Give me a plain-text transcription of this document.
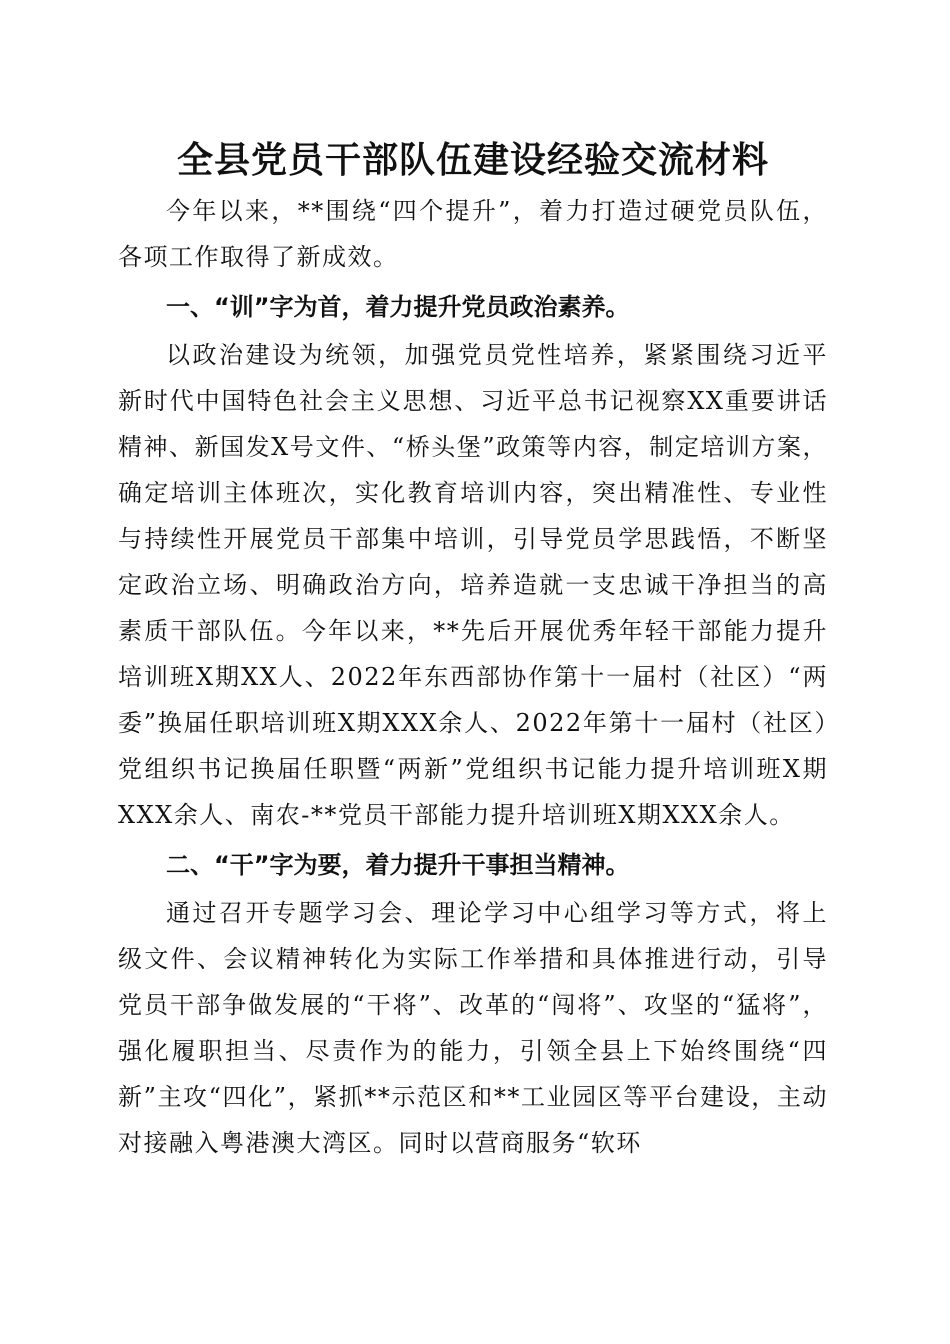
全县党员干部队伍建设经验交流材料

今年以来，**围绕“四个提升”，着力打造过硬党员队伍，各项工作取得了新成效。

一、“训”字为首，着力提升党员政治素养。

以政治建设为统领，加强党员党性培养，紧紧围绕习近平新时代中国特色社会主义思想、习近平总书记视察XX重要讲话精神、新国发X号文件、“桥头堡”政策等内容，制定培训方案，确定培训主体班次，实化教育培训内容，突出精准性、专业性与持续性开展党员干部集中培训，引导党员学思践悟，不断坚定政治立场、明确政治方向，培养造就一支忠诚干净担当的高素质干部队伍。今年以来，**先后开展优秀年轻干部能力提升培训班X期XX人、2022年东西部协作第十一届村（社区）“两委”换届任职培训班X期XXX余人、2022年第十一届村（社区）党组织书记换届任职暨“两新”党组织书记能力提升培训班X期XXX余人、南农-**党员干部能力提升培训班X期XXX余人。

二、“干”字为要，着力提升干事担当精神。

通过召开专题学习会、理论学习中心组学习等方式，将上级文件、会议精神转化为实际工作举措和具体推进行动，引导党员干部争做发展的“干将”、改革的“闯将”、攻坚的“猛将”，强化履职担当、尽责作为的能力，引领全县上下始终围绕“四新”主攻“四化”，紧抓**示范区和**工业园区等平台建设，主动对接融入粤港澳大湾区。同时以营商服务“软环
